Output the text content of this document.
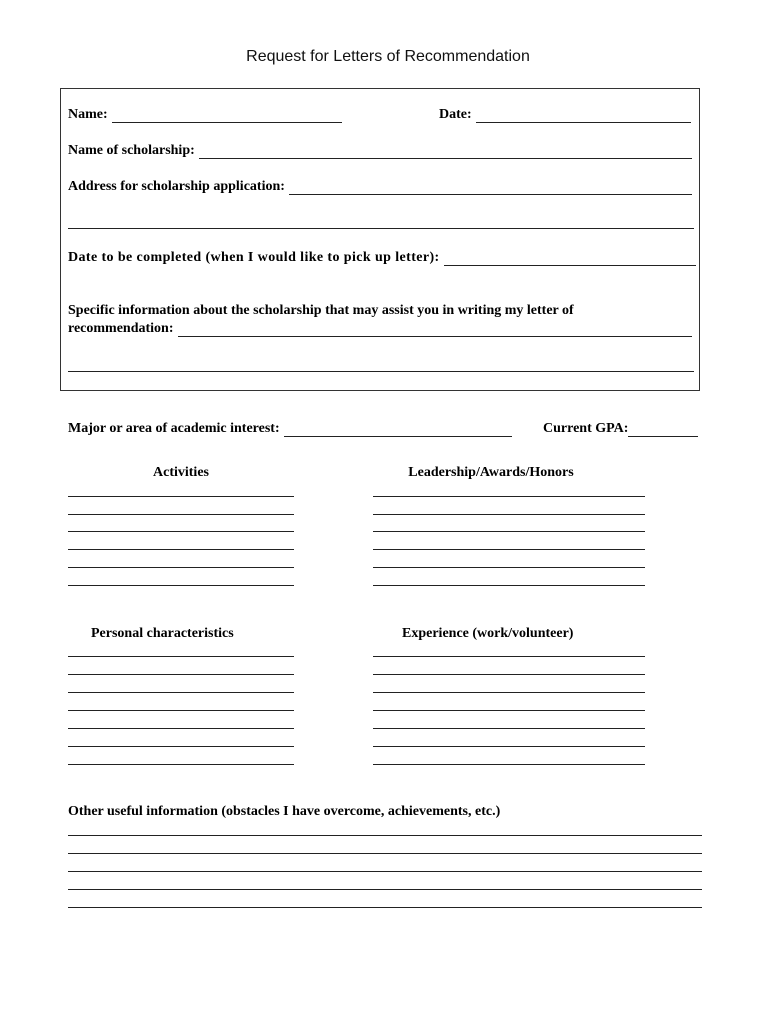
Request for Letters of Recommendation
Name:	Date:
Name of scholarship:
Address for scholarship application:
Date to be completed (when I would like to pick up letter):
Specific information about the scholarship that may assist you in writing my letter of
recommendation:
Major or area of academic interest:	Current GPA:
Activities	Leadership/Awards/Honors
Personal characteristics	Experience (work/volunteer)
Other useful information (obstacles I have overcome, achievements, etc.)
